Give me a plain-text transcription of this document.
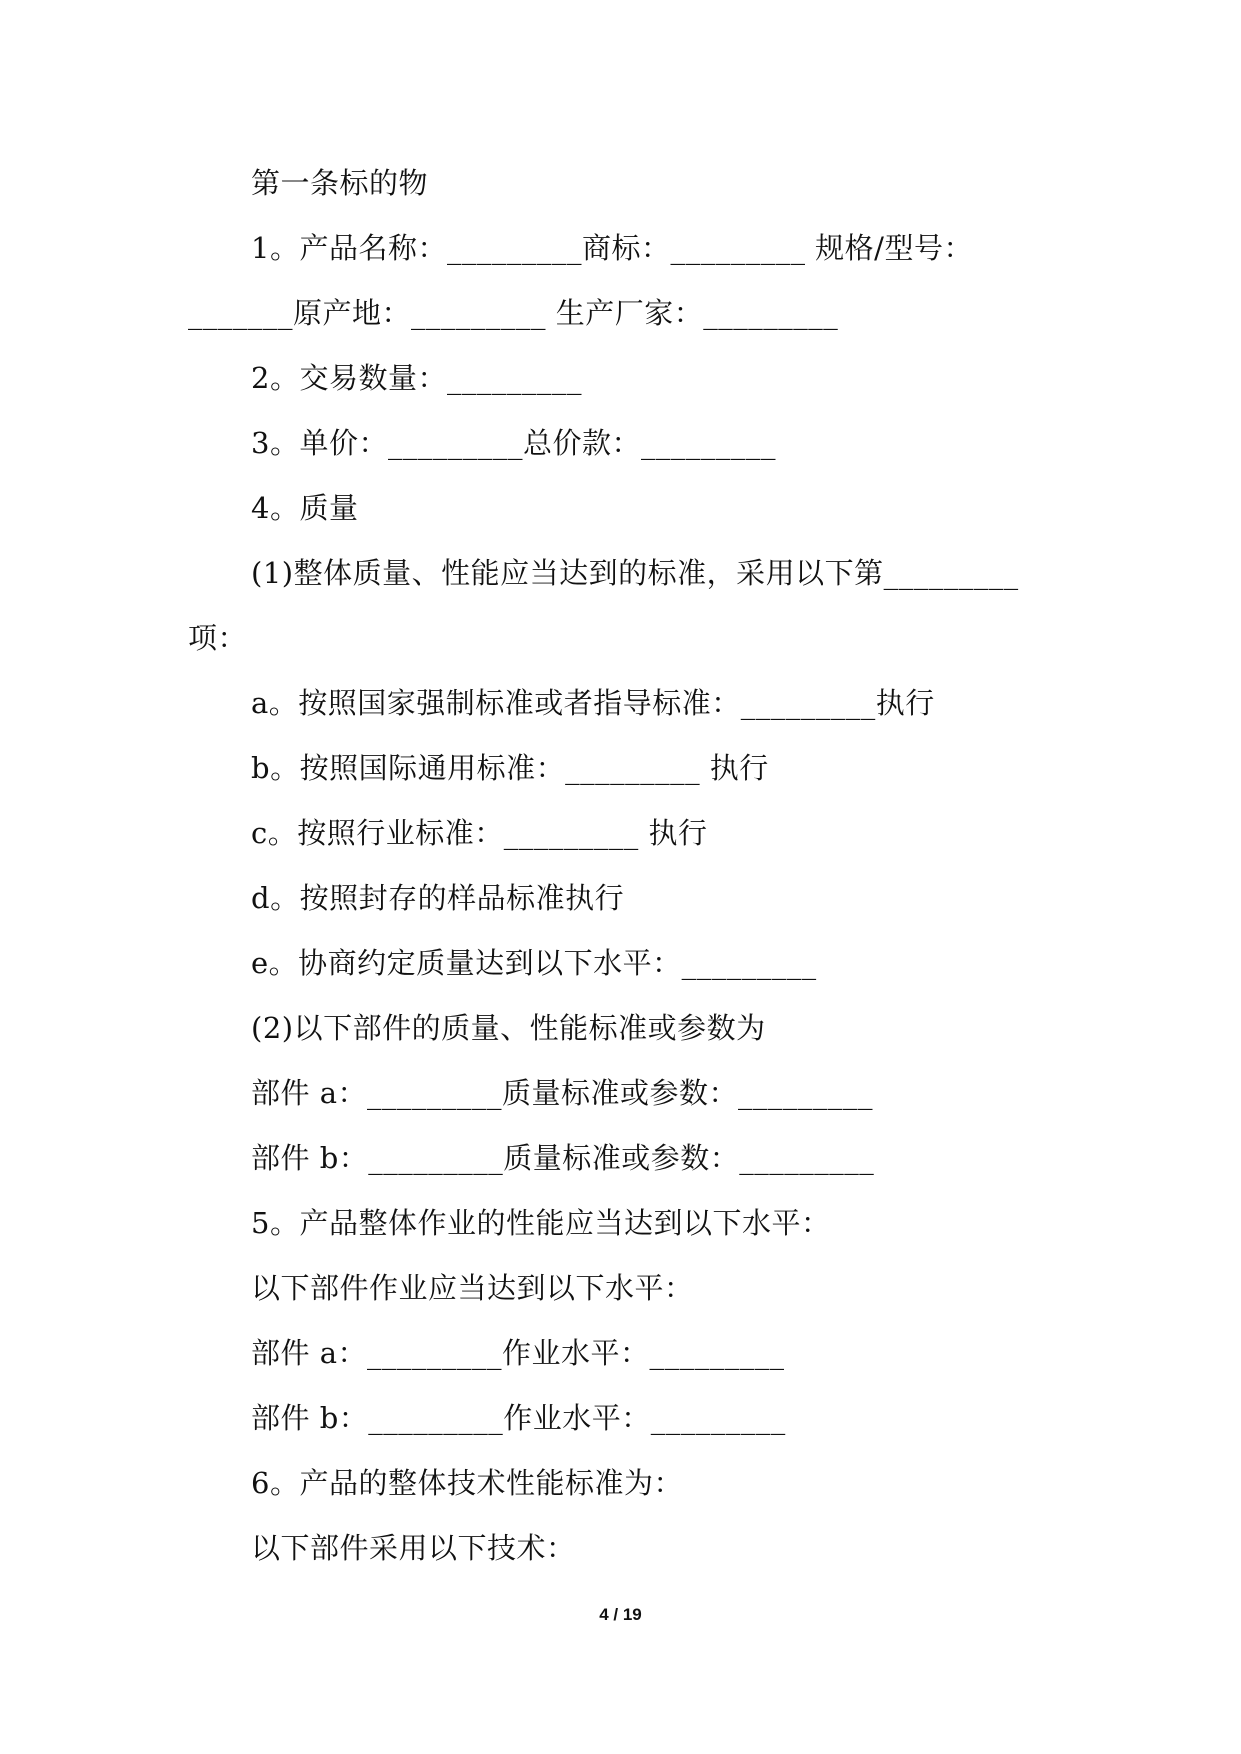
第一条标的物

1。产品名称：_________商标：_________ 规格/型号：

_______原产地：_________ 生产厂家：_________

2。交易数量：_________

3。单价：_________总价款：_________

4。质量

(1)整体质量、性能应当达到的标准，采用以下第_________

项：

a。按照国家强制标准或者指导标准：_________执行

b。按照国际通用标准：_________ 执行

c。按照行业标准：_________ 执行

d。按照封存的样品标准执行

e。协商约定质量达到以下水平：_________

(2)以下部件的质量、性能标准或参数为

部件 a：_________质量标准或参数：_________

部件 b：_________质量标准或参数：_________

5。产品整体作业的性能应当达到以下水平：

以下部件作业应当达到以下水平：

部件 a：_________作业水平：_________

部件 b：_________作业水平：_________

6。产品的整体技术性能标准为：

以下部件采用以下技术：

4 / 19
